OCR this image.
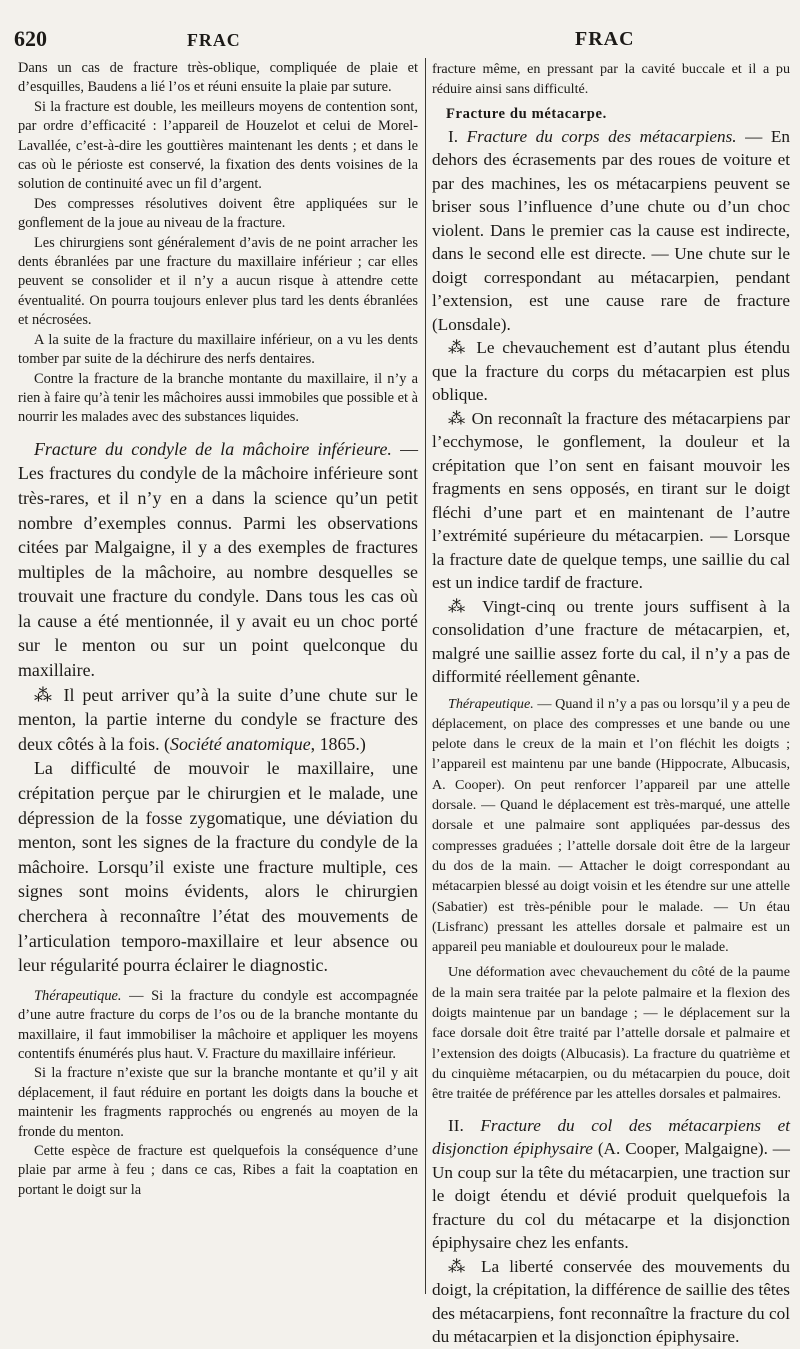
620	FRAC	FRAC

Dans un cas de fracture très-oblique, compliquée de plaie et d’esquilles, Baudens a lié l’os et réuni ensuite la plaie par suture.

Si la fracture est double, les meilleurs moyens de contention sont, par ordre d’efficacité : l’appareil de Houzelot et celui de Morel-Lavallée, c’est-à-dire les gouttières maintenant les dents ; et dans le cas où le périoste est conservé, la fixation des dents voisines de la solution de continuité avec un fil d’argent.

Des compresses résolutives doivent être appliquées sur le gonflement de la joue au niveau de la fracture.

Les chirurgiens sont généralement d’avis de ne point arracher les dents ébranlées par une fracture du maxillaire inférieur ; car elles peuvent se consolider et il n’y a aucun risque à attendre cette éventualité. On pourra toujours enlever plus tard les dents ébranlées et nécrosées.

A la suite de la fracture du maxillaire inférieur, on a vu les dents tomber par suite de la déchirure des nerfs dentaires.

Contre la fracture de la branche montante du maxillaire, il n’y a rien à faire qu’à tenir les mâchoires aussi immobiles que possible et à nourrir les malades avec des substances liquides.

Fracture du condyle de la mâchoire inférieure. — Les fractures du condyle de la mâchoire inférieure sont très-rares, et il n’y en a dans la science qu’un petit nombre d’exemples connus. Parmi les observations citées par Malgaigne, il y a des exemples de fractures multiples de la mâchoire, au nombre desquelles se trouvait une fracture du condyle. Dans tous les cas où la cause a été mentionnée, il y avait eu un choc porté sur le menton ou sur un point quelconque du maxillaire.

⁂ Il peut arriver qu’à la suite d’une chute sur le menton, la partie interne du condyle se fracture des deux côtés à la fois. (Société anatomique, 1865.)

La difficulté de mouvoir le maxillaire, une crépitation perçue par le chirurgien et le malade, une dépression de la fosse zygomatique, une déviation du menton, sont les signes de la fracture du condyle de la mâchoire. Lorsqu’il existe une fracture multiple, ces signes sont moins évidents, alors le chirurgien cherchera à reconnaître l’état des mouvements de l’articulation temporo-maxillaire et leur absence ou leur régularité pourra éclairer le diagnostic.

Thérapeutique. — Si la fracture du condyle est accompagnée d’une autre fracture du corps de l’os ou de la branche montante du maxillaire, il faut immobiliser la mâchoire et appliquer les moyens contentifs énumérés plus haut. V. Fracture du maxillaire inférieur.

Si la fracture n’existe que sur la branche montante et qu’il y ait déplacement, il faut réduire en portant les doigts dans la bouche et maintenir les fragments rapprochés ou engrenés au moyen de la fronde du menton.

Cette espèce de fracture est quelquefois la conséquence d’une plaie par arme à feu ; dans ce cas, Ribes a fait la coaptation en portant le doigt sur la

fracture même, en pressant par la cavité buccale et il a pu réduire ainsi sans difficulté.

Fracture du métacarpe.

I. Fracture du corps des métacarpiens. — En dehors des écrasements par des roues de voiture et par des machines, les os métacarpiens peuvent se briser sous l’influence d’une chute ou d’un choc violent. Dans le premier cas la cause est indirecte, dans le second elle est directe. — Une chute sur le doigt correspondant au métacarpien, pendant l’extension, est une cause rare de fracture (Lonsdale).

⁂ Le chevauchement est d’autant plus étendu que la fracture du corps du métacarpien est plus oblique.

⁂ On reconnaît la fracture des métacarpiens par l’ecchymose, le gonflement, la douleur et la crépitation que l’on sent en faisant mouvoir les fragments en sens opposés, en tirant sur le doigt fléchi d’une part et en maintenant de l’autre l’extrémité supérieure du métacarpien. — Lorsque la fracture date de quelque temps, une saillie du cal est un indice tardif de fracture.

⁂ Vingt-cinq ou trente jours suffisent à la consolidation d’une fracture de métacarpien, et, malgré une saillie assez forte du cal, il n’y a pas de difformité réellement gênante.

Thérapeutique. — Quand il n’y a pas ou lorsqu’il y a peu de déplacement, on place des compresses et une bande ou une pelote dans le creux de la main et l’on fléchit les doigts ; l’appareil est maintenu par une bande (Hippocrate, Albucasis, A. Cooper). On peut renforcer l’appareil par une attelle dorsale. — Quand le déplacement est très-marqué, une attelle dorsale et une palmaire sont appliquées par-dessus des compresses graduées ; l’attelle dorsale doit être de la largeur du dos de la main. — Attacher le doigt correspondant au métacarpien blessé au doigt voisin et les étendre sur une attelle (Sabatier) est très-pénible pour le malade. — Un étau (Lisfranc) pressant les attelles dorsale et palmaire est un appareil peu maniable et douloureux pour le malade.

Une déformation avec chevauchement du côté de la paume de la main sera traitée par la pelote palmaire et la flexion des doigts maintenue par un bandage ; — le déplacement sur la face dorsale doit être traité par l’attelle dorsale et palmaire et l’extension des doigts (Albucasis). La fracture du quatrième et du cinquième métacarpien, ou du métacarpien du pouce, doit être traitée de préférence par les attelles dorsales et palmaires.

II. Fracture du col des métacarpiens et disjonction épiphysaire (A. Cooper, Malgaigne). — Un coup sur la tête du métacarpien, une traction sur le doigt étendu et dévié produit quelquefois la fracture du col du métacarpe et la disjonction épiphysaire chez les enfants.

⁂ La liberté conservée des mouvements du doigt, la crépitation, la différence de saillie des têtes des métacarpiens, font reconnaître la fracture du col du métacarpien et la disjonction épiphysaire.
